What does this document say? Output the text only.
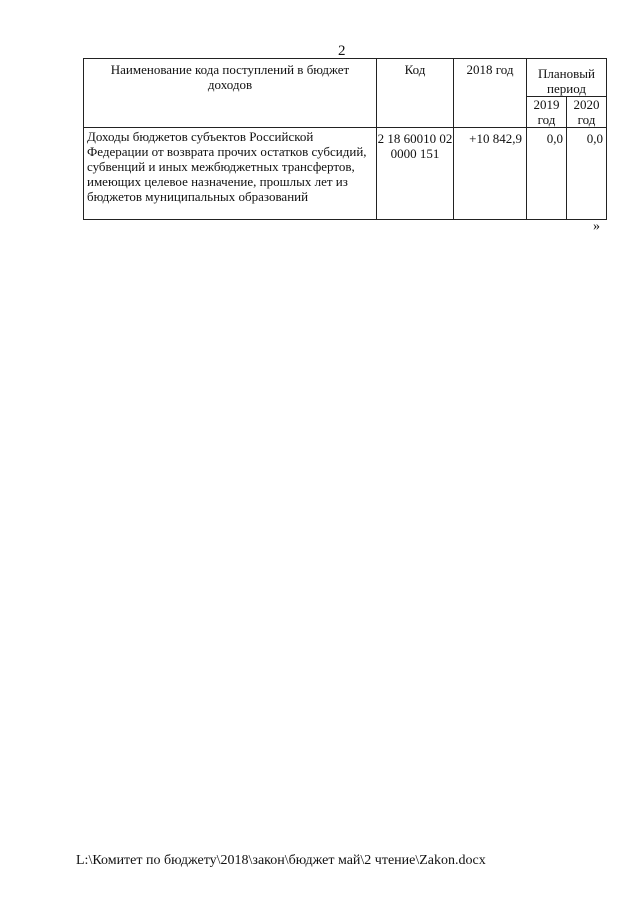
2
Наименование кода поступлений в бюджет доходов	Код	2018 год	Плановый период	
			2019 год	2020 год
Доходы бюджетов субъектов Российской Федерации от возврата прочих остатков субсидий, субвенций и иных межбюджетных трансфертов, имеющих целевое назначение, прошлых лет из бюджетов муниципальных образований	2 18 60010 02 0000 151	+10 842,9	0,0	0,0
»
L:\Комитет по бюджету\2018\закон\бюджет май\2 чтение\Zakon.docx
